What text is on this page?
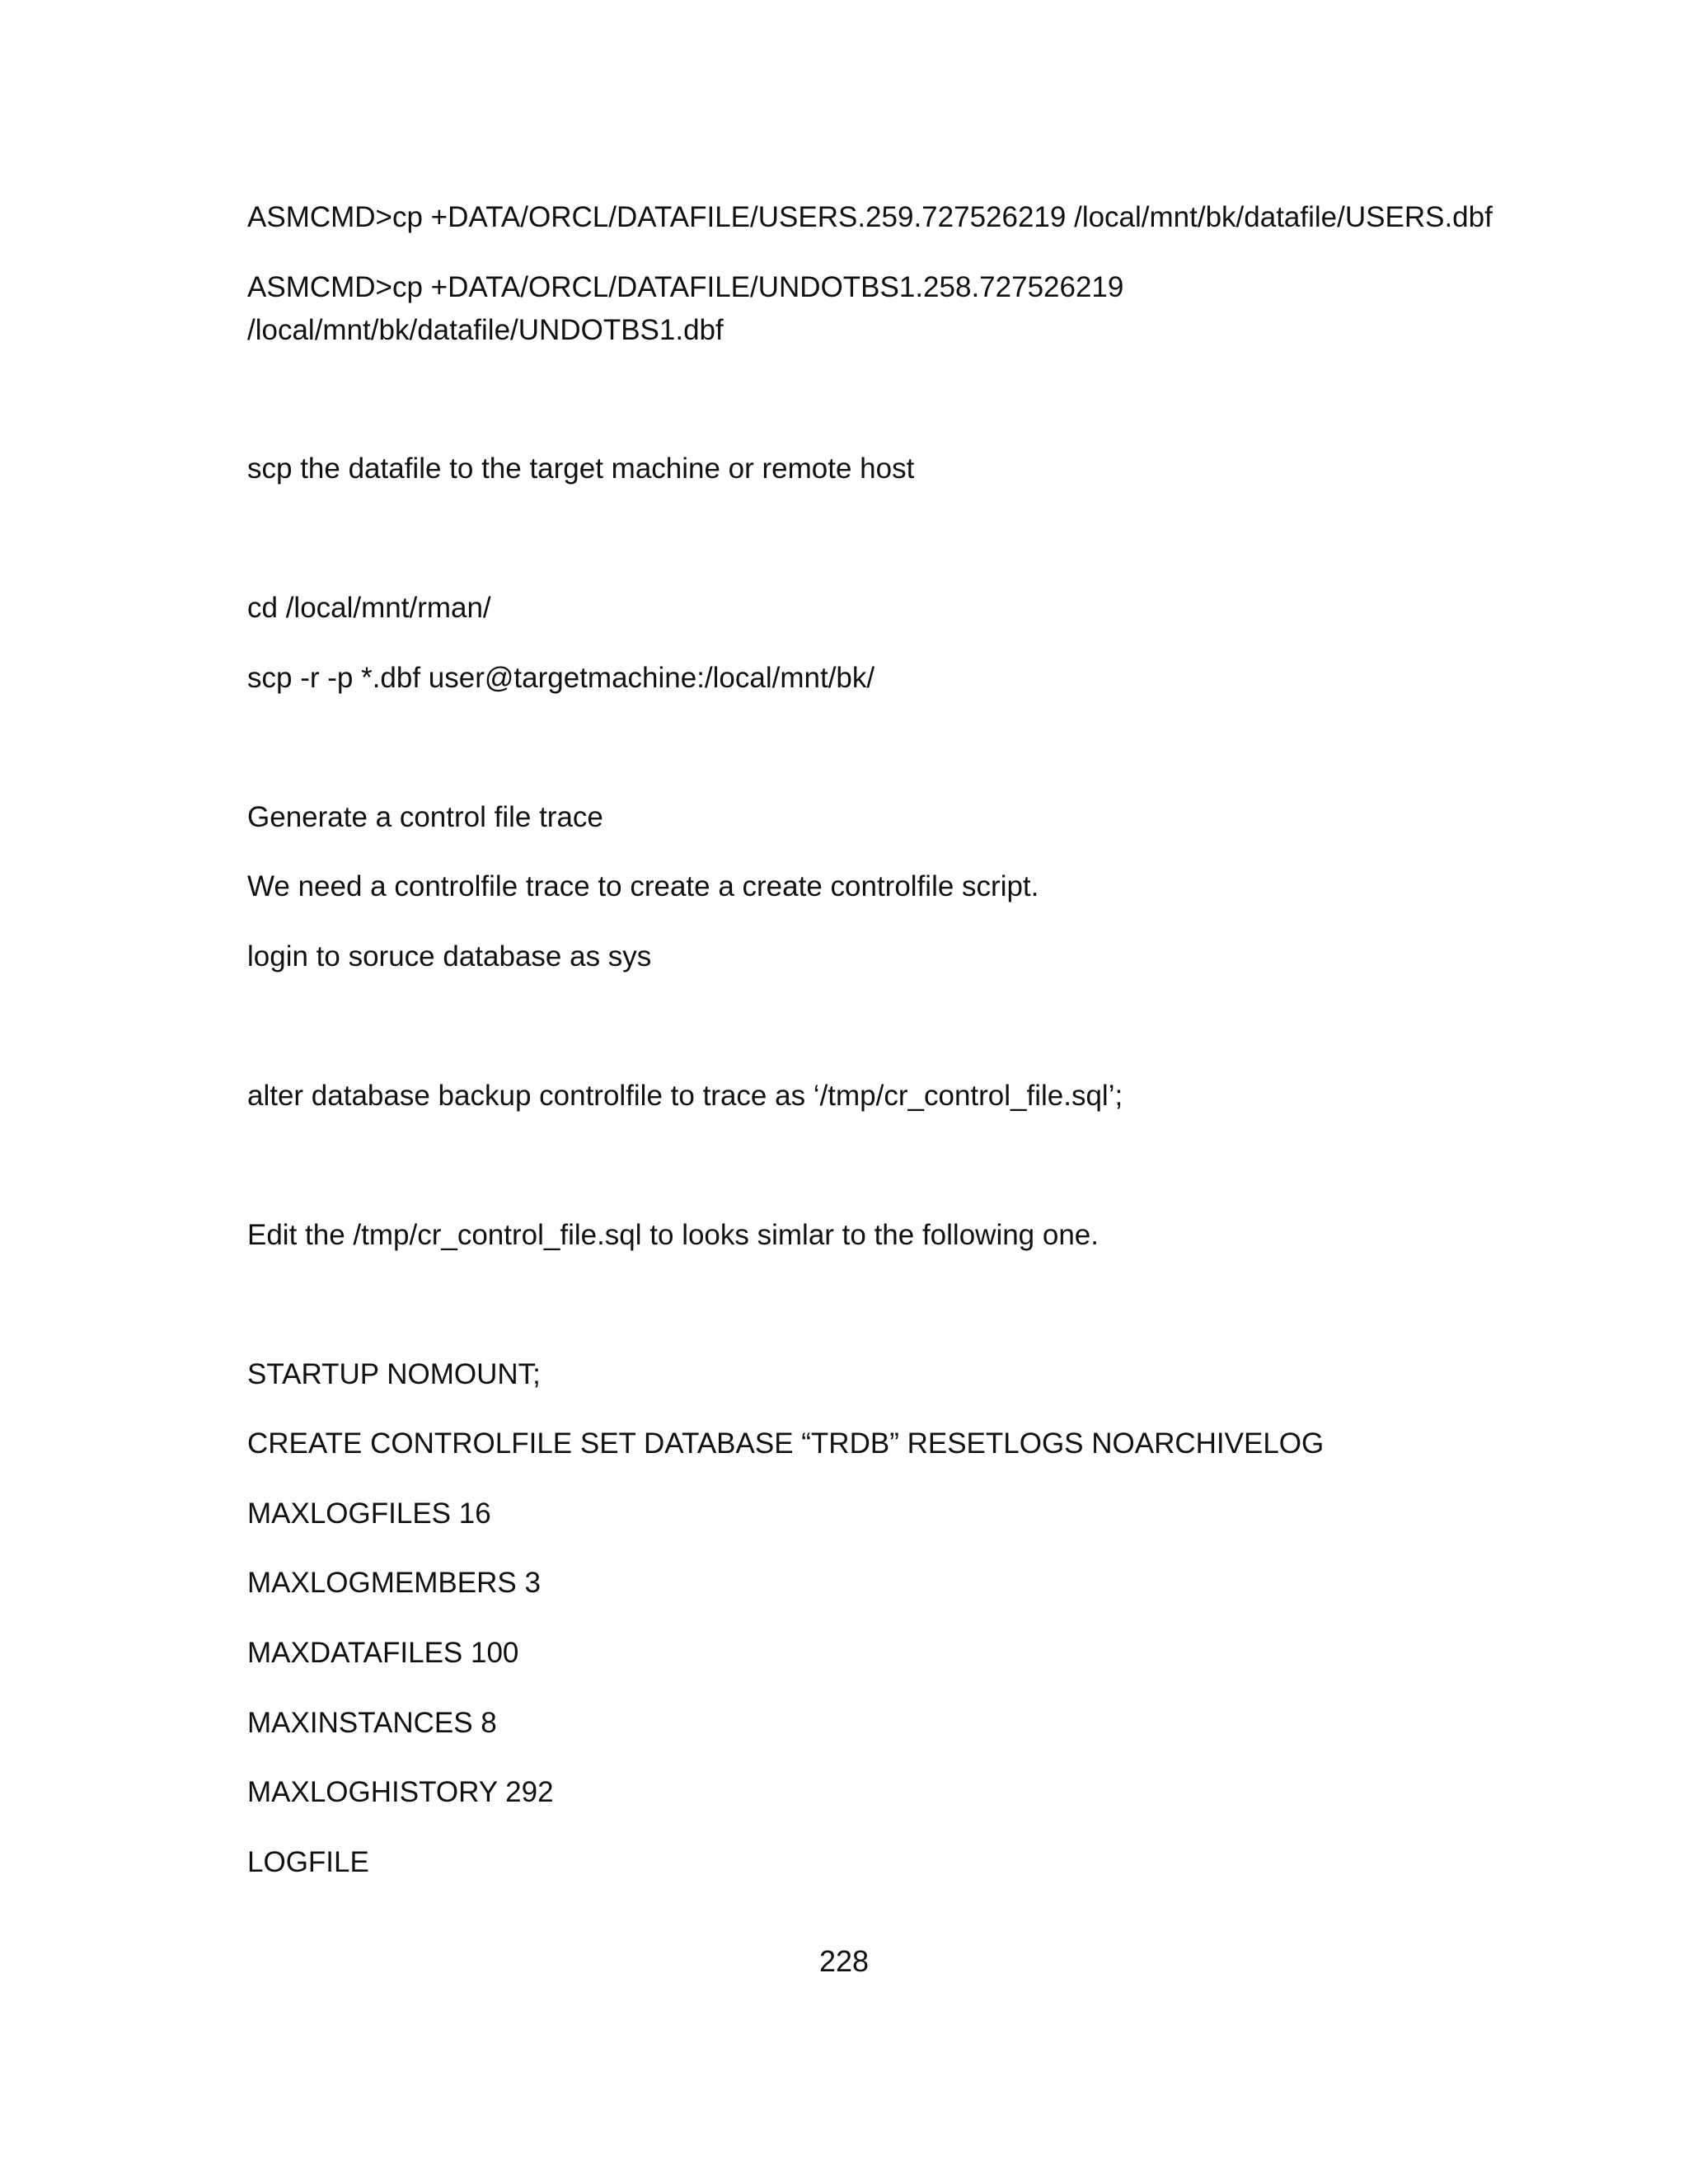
ASMCMD>cp +DATA/ORCL/DATAFILE/USERS.259.727526219 /local/mnt/bk/datafile/USERS.dbf

ASMCMD>cp +DATA/ORCL/DATAFILE/UNDOTBS1.258.727526219

/local/mnt/bk/datafile/UNDOTBS1.dbf

scp the datafile to the target machine or remote host

cd /local/mnt/rman/

scp -r -p *.dbf user@targetmachine:/local/mnt/bk/

Generate a control file trace

We need a controlfile trace to create a create controlfile script.

login to soruce database as sys

alter database backup controlfile to trace as ‘/tmp/cr_control_file.sql’;

Edit the /tmp/cr_control_file.sql to looks simlar to the following one.

STARTUP NOMOUNT;

CREATE CONTROLFILE SET DATABASE “TRDB” RESETLOGS NOARCHIVELOG

MAXLOGFILES 16

MAXLOGMEMBERS 3

MAXDATAFILES 100

MAXINSTANCES 8

MAXLOGHISTORY 292

LOGFILE

228
